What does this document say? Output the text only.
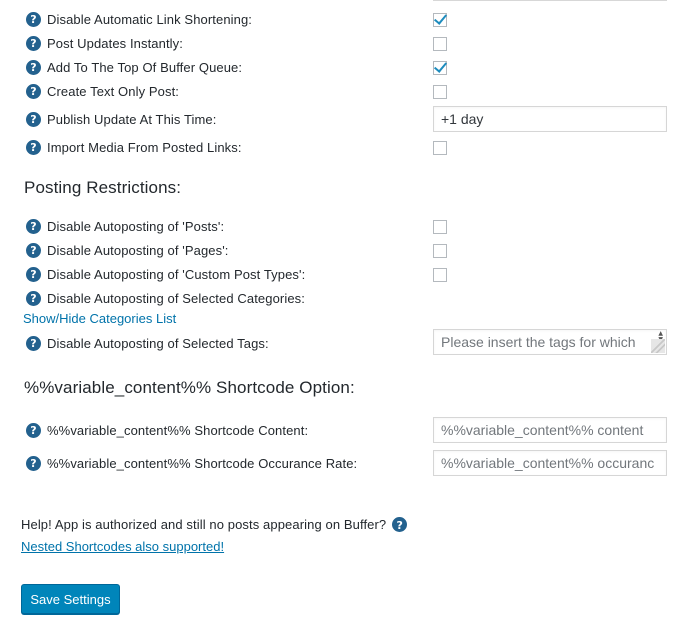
? Disable Automatic Link Shortening:
? Post Updates Instantly:
? Add To The Top Of Buffer Queue:
? Create Text Only Post:
? Publish Update At This Time:
+1 day
? Import Media From Posted Links:
Posting Restrictions:
? Disable Autoposting of 'Posts':
? Disable Autoposting of 'Pages':
? Disable Autoposting of 'Custom Post Types':
? Disable Autoposting of Selected Categories:
Show/Hide Categories List
? Disable Autoposting of Selected Tags:
Please insert the tags for which
▲

%%variable_content%% Shortcode Option:
? %%variable_content%% Shortcode Content:
%%variable_content%% content
? %%variable_content%% Shortcode Occurance Rate:
%%variable_content%% occuranc
Help! App is authorized and still no posts appearing on Buffer? ?
Nested Shortcodes also supported!
Save Settings
